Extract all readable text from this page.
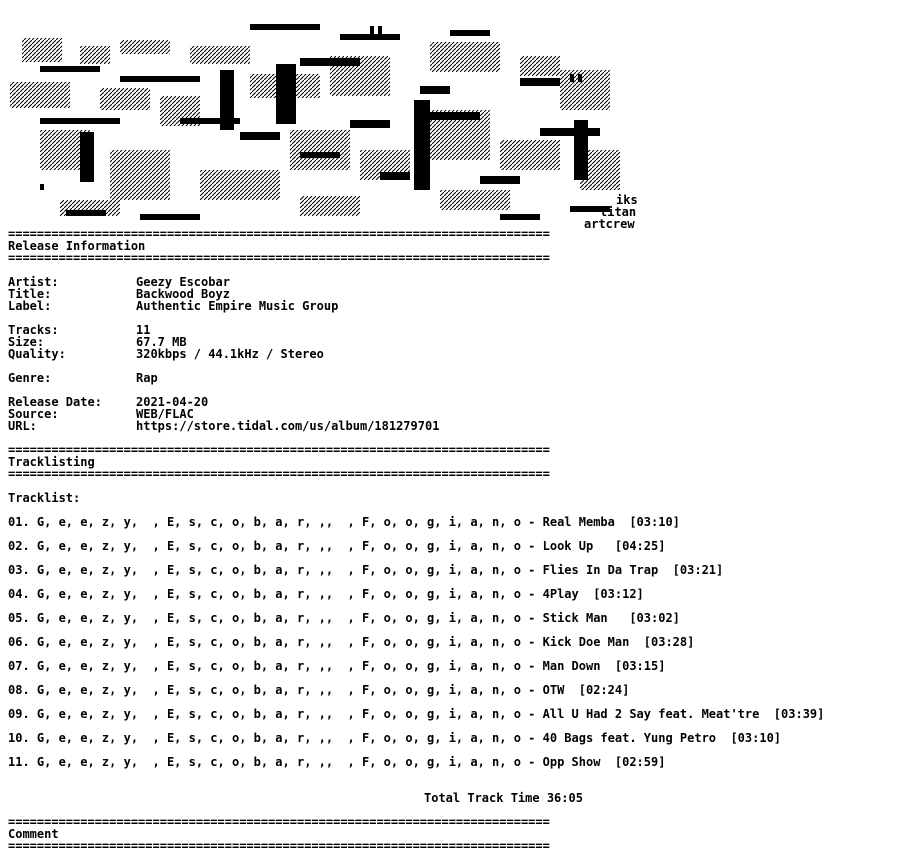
iks
titan
artcrew
===========================================================================
Release Information
===========================================================================
Artist:	Geezy Escobar
Title:	Backwood Boyz
Label:	Authentic Empire Music Group
Tracks:	11
Size:	67.7 MB
Quality:	320kbps / 44.1kHz / Stereo
Genre:	Rap
Release Date:	2021-04-20
Source:	WEB/FLAC
URL:	https://store.tidal.com/us/album/181279701
===========================================================================
Tracklisting
===========================================================================
Tracklist:
01. G, e, e, z, y,  , E, s, c, o, b, a, r, ,,  , F, o, o, g, i, a, n, o - Real Memba  [03:10]
02. G, e, e, z, y,  , E, s, c, o, b, a, r, ,,  , F, o, o, g, i, a, n, o - Look Up   [04:25]
03. G, e, e, z, y,  , E, s, c, o, b, a, r, ,,  , F, o, o, g, i, a, n, o - Flies In Da Trap  [03:21]
04. G, e, e, z, y,  , E, s, c, o, b, a, r, ,,  , F, o, o, g, i, a, n, o - 4Play  [03:12]
05. G, e, e, z, y,  , E, s, c, o, b, a, r, ,,  , F, o, o, g, i, a, n, o - Stick Man   [03:02]
06. G, e, e, z, y,  , E, s, c, o, b, a, r, ,,  , F, o, o, g, i, a, n, o - Kick Doe Man  [03:28]
07. G, e, e, z, y,  , E, s, c, o, b, a, r, ,,  , F, o, o, g, i, a, n, o - Man Down  [03:15]
08. G, e, e, z, y,  , E, s, c, o, b, a, r, ,,  , F, o, o, g, i, a, n, o - OTW  [02:24]
09. G, e, e, z, y,  , E, s, c, o, b, a, r, ,,  , F, o, o, g, i, a, n, o - All U Had 2 Say feat. Meat'tre  [03:39]
10. G, e, e, z, y,  , E, s, c, o, b, a, r, ,,  , F, o, o, g, i, a, n, o - 40 Bags feat. Yung Petro  [03:10]
11. G, e, e, z, y,  , E, s, c, o, b, a, r, ,,  , F, o, o, g, i, a, n, o - Opp Show  [02:59]
Total Track Time 36:05
===========================================================================
Comment
===========================================================================
